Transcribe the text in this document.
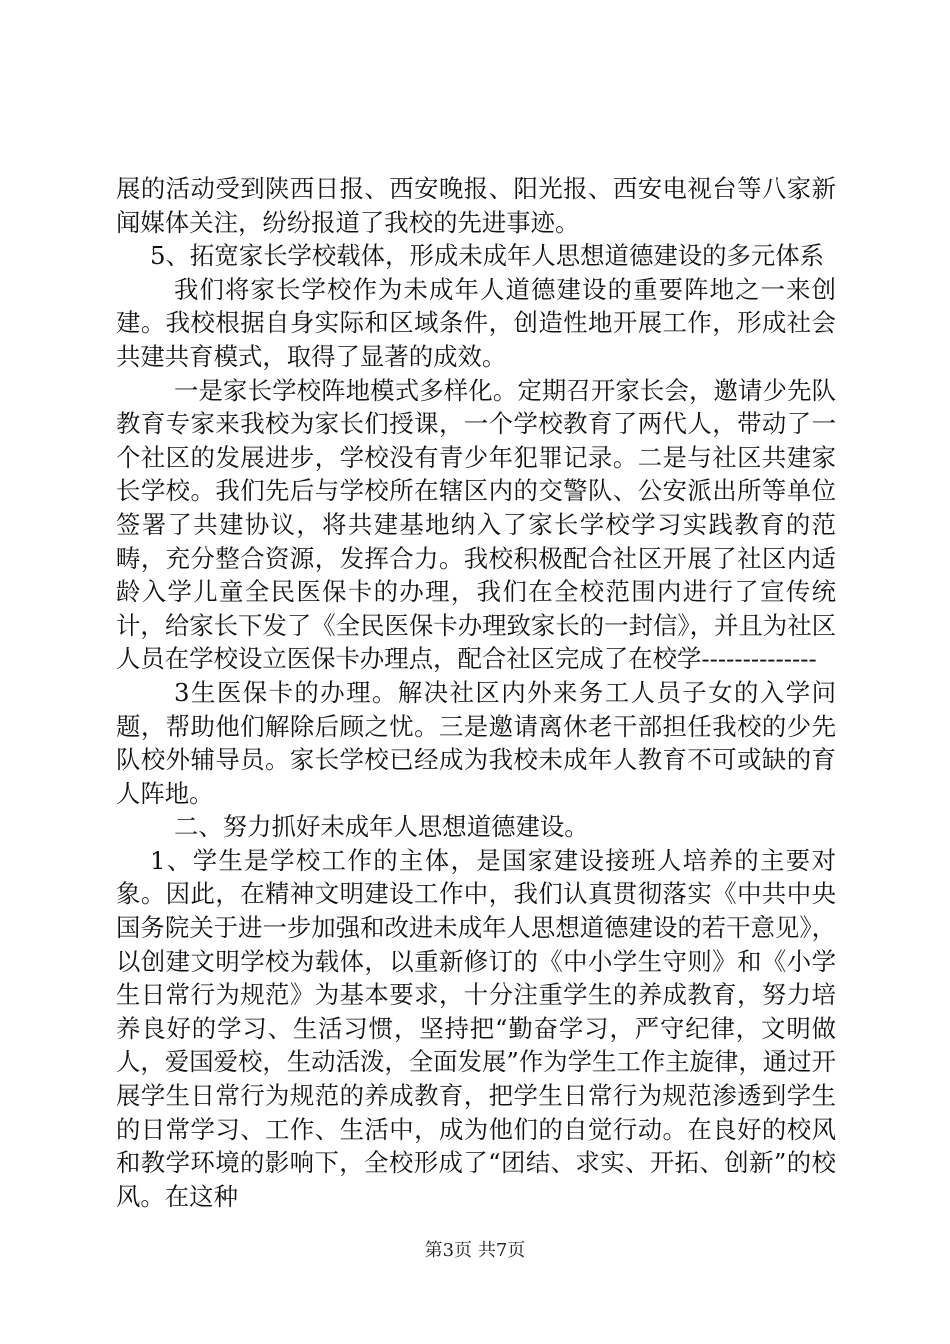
展的活动受到陕西日报、西安晚报、阳光报、西安电视台等八家新闻媒体关注，纷纷报道了我校的先进事迹。

5、拓宽家长学校载体，形成未成年人思想道德建设的多元体系

我们将家长学校作为未成年人道德建设的重要阵地之一来创建。我校根据自身实际和区域条件，创造性地开展工作，形成社会共建共育模式，取得了显著的成效。

一是家长学校阵地模式多样化。定期召开家长会，邀请少先队教育专家来我校为家长们授课，一个学校教育了两代人，带动了一个社区的发展进步，学校没有青少年犯罪记录。二是与社区共建家长学校。我们先后与学校所在辖区内的交警队、公安派出所等单位签署了共建协议，将共建基地纳入了家长学校学习实践教育的范畴，充分整合资源，发挥合力。我校积极配合社区开展了社区内适龄入学儿童全民医保卡的办理，我们在全校范围内进行了宣传统计，给家长下发了《全民医保卡办理致家长的一封信》，并且为社区人员在学校设立医保卡办理点，配合社区完成了在校学--------------

3生医保卡的办理。解决社区内外来务工人员子女的入学问题，帮助他们解除后顾之忧。三是邀请离休老干部担任我校的少先队校外辅导员。家长学校已经成为我校未成年人教育不可或缺的育人阵地。

二、努力抓好未成年人思想道德建设。

1、学生是学校工作的主体，是国家建设接班人培养的主要对象。因此，在精神文明建设工作中，我们认真贯彻落实《中共中央国务院关于进一步加强和改进未成年人思想道德建设的若干意见》，以创建文明学校为载体，以重新修订的《中小学生守则》和《小学生日常行为规范》为基本要求，十分注重学生的养成教育，努力培养良好的学习、生活习惯，坚持把“勤奋学习，严守纪律，文明做人，爱国爱校，生动活泼，全面发展”作为学生工作主旋律，通过开展学生日常行为规范的养成教育，把学生日常行为规范渗透到学生的日常学习、工作、生活中，成为他们的自觉行动。在良好的校风和教学环境的影响下，全校形成了“团结、求实、开拓、创新”的校风。在这种

第3页 共7页
